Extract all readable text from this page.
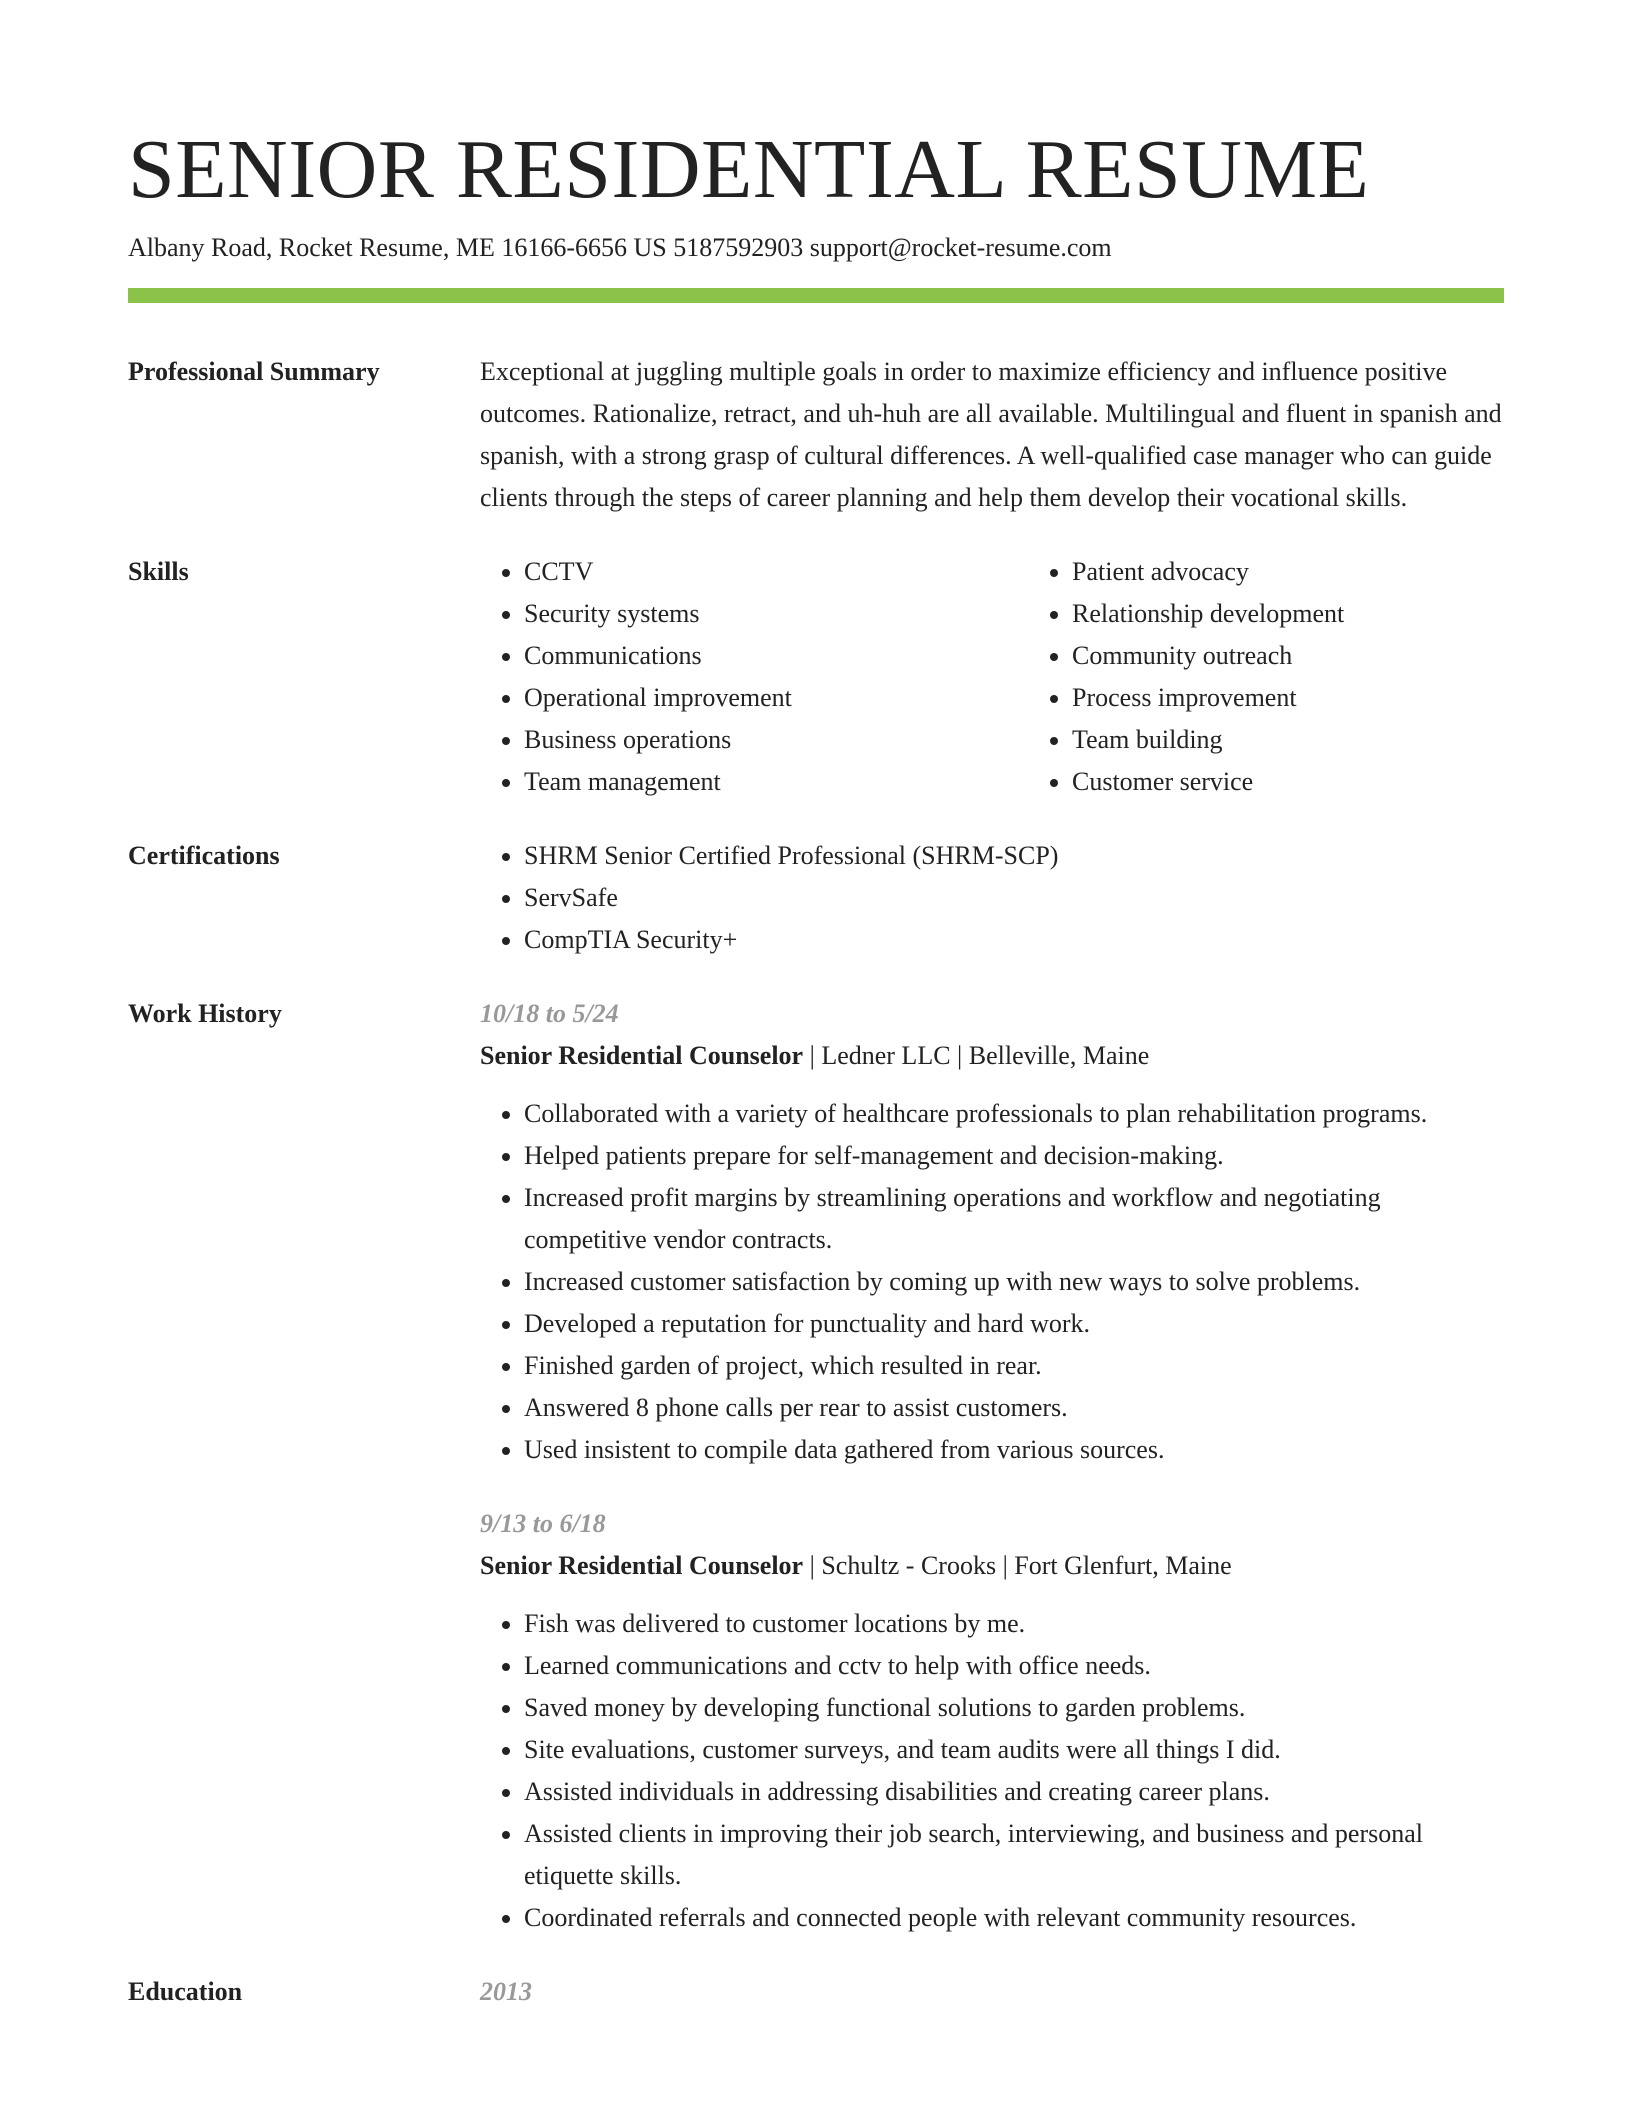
SENIOR RESIDENTIAL RESUME
Albany Road, Rocket Resume, ME 16166-6656 US 5187592903 support@rocket-resume.com
Professional Summary	Exceptional at juggling multiple goals in order to maximize efficiency and influence positive outcomes. Rationalize, retract, and uh-huh are all available. Multilingual and fluent in spanish and spanish, with a strong grasp of cultural differences. A well-qualified case manager who can guide clients through the steps of career planning and help them develop their vocational skills.

Skills	• CCTV
• Security systems
• Communications
• Operational improvement
• Business operations
• Team management
• Patient advocacy
• Relationship development
• Community outreach
• Process improvement
• Team building
• Customer service
Certifications	• SHRM Senior Certified Professional (SHRM-SCP)
• ServSafe
• CompTIA Security+
Work History	10/18 to 5/24
Senior Residential Counselor | Ledner LLC | Belleville, Maine
• Collaborated with a variety of healthcare professionals to plan rehabilitation programs.
• Helped patients prepare for self-management and decision-making.
• Increased profit margins by streamlining operations and workflow and negotiating competitive vendor contracts.
• Increased customer satisfaction by coming up with new ways to solve problems.
• Developed a reputation for punctuality and hard work.
• Finished garden of project, which resulted in rear.
• Answered 8 phone calls per rear to assist customers.
• Used insistent to compile data gathered from various sources.
9/13 to 6/18
Senior Residential Counselor | Schultz - Crooks | Fort Glenfurt, Maine
• Fish was delivered to customer locations by me.
• Learned communications and cctv to help with office needs.
• Saved money by developing functional solutions to garden problems.
• Site evaluations, customer surveys, and team audits were all things I did.
• Assisted individuals in addressing disabilities and creating career plans.
• Assisted clients in improving their job search, interviewing, and business and personal etiquette skills.
• Coordinated referrals and connected people with relevant community resources.
Education	2013
